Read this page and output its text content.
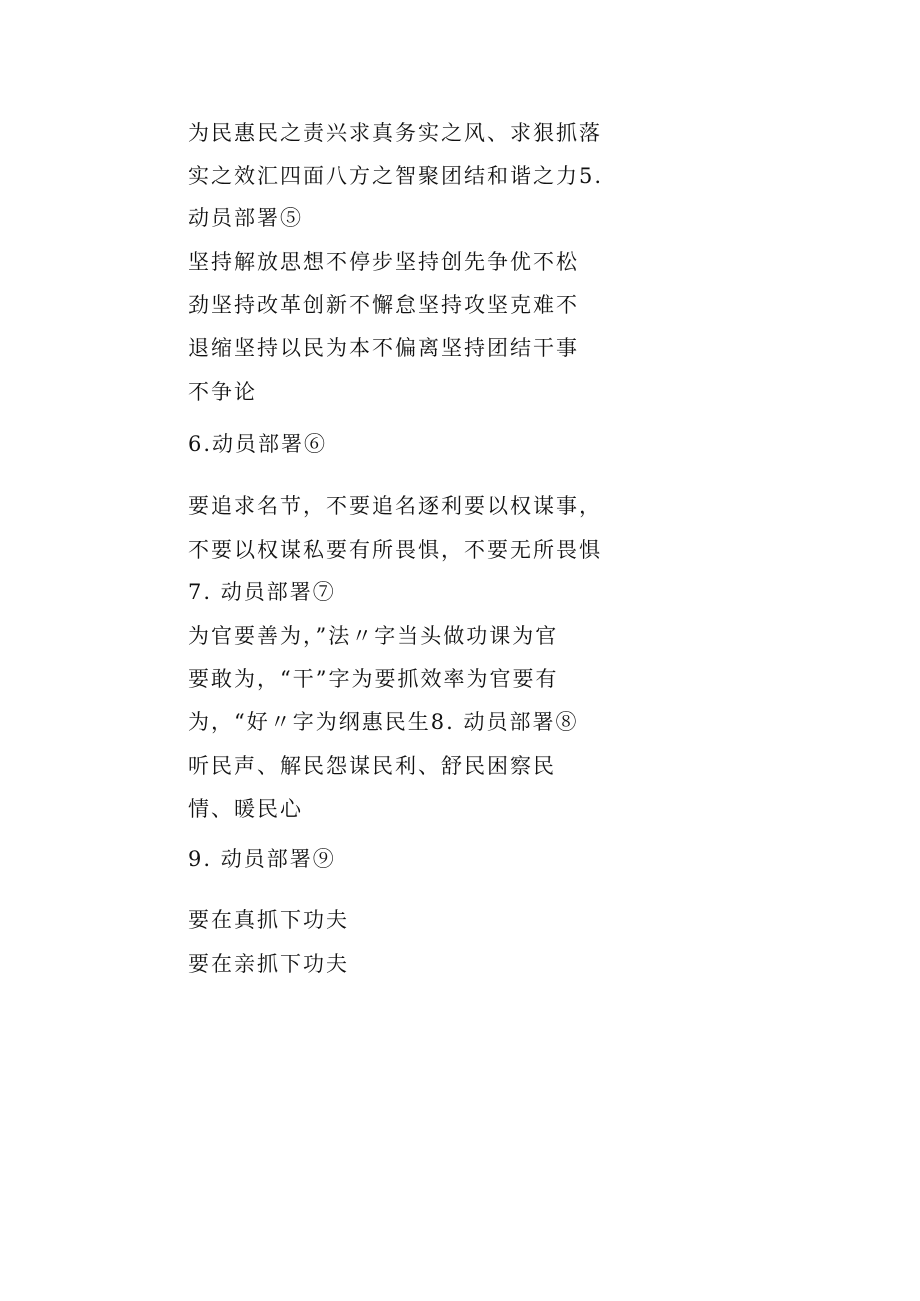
为民惠民之责兴求真务实之风、求狠抓落
实之效汇四面八方之智聚团结和谐之力5.
动员部署⑤
坚持解放思想不停步坚持创先争优不松
劲坚持改革创新不懈怠坚持攻坚克难不
退缩坚持以民为本不偏离坚持团结干事
不争论
6.动员部署⑥
要追求名节，不要追名逐利要以权谋事，
不要以权谋私要有所畏惧，不要无所畏惧
7. 动员部署⑦
为官要善为，”法〃字当头做功课为官
要敢为，“干”字为要抓效率为官要有
为，“好〃字为纲惠民生8. 动员部署⑧
听民声、解民怨谋民利、舒民困察民
情、暖民心
9. 动员部署⑨
要在真抓下功夫
要在亲抓下功夫
